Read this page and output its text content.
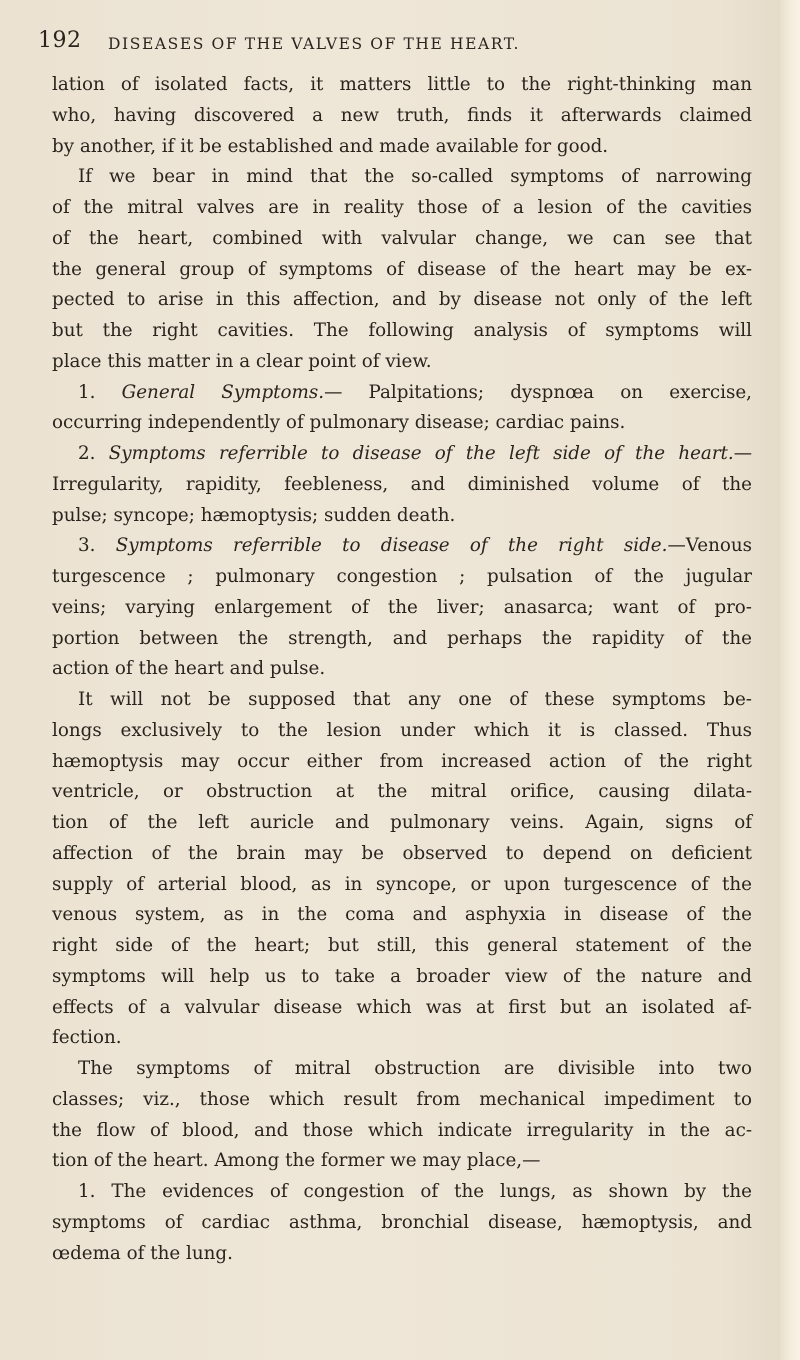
192 DISEASES OF THE VALVES OF THE HEART.
lation of isolated facts, it matters little to the right-thinking man
who, having discovered a new truth, finds it afterwards claimed
by another, if it be established and made available for good.
If we bear in mind that the so-called symptoms of narrowing
of the mitral valves are in reality those of a lesion of the cavities
of the heart, combined with valvular change, we can see that
the general group of symptoms of disease of the heart may be ex-
pected to arise in this affection, and by disease not only of the left
but the right cavities. The following analysis of symptoms will
place this matter in a clear point of view.
1. General Symptoms.— Palpitations; dyspnœa on exercise,
occurring independently of pulmonary disease; cardiac pains.
2. Symptoms referrible to disease of the left side of the heart.—
Irregularity, rapidity, feebleness, and diminished volume of the
pulse; syncope; hæmoptysis; sudden death.
3. Symptoms referrible to disease of the right side.—Venous
turgescence ; pulmonary congestion ; pulsation of the jugular
veins; varying enlargement of the liver; anasarca; want of pro-
portion between the strength, and perhaps the rapidity of the
action of the heart and pulse.
It will not be supposed that any one of these symptoms be-
longs exclusively to the lesion under which it is classed. Thus
hæmoptysis may occur either from increased action of the right
ventricle, or obstruction at the mitral orifice, causing dilata-
tion of the left auricle and pulmonary veins. Again, signs of
affection of the brain may be observed to depend on deficient
supply of arterial blood, as in syncope, or upon turgescence of the
venous system, as in the coma and asphyxia in disease of the
right side of the heart; but still, this general statement of the
symptoms will help us to take a broader view of the nature and
effects of a valvular disease which was at first but an isolated af-
fection.
The symptoms of mitral obstruction are divisible into two
classes; viz., those which result from mechanical impediment to
the flow of blood, and those which indicate irregularity in the ac-
tion of the heart. Among the former we may place,—
1. The evidences of congestion of the lungs, as shown by the
symptoms of cardiac asthma, bronchial disease, hæmoptysis, and
œdema of the lung.
